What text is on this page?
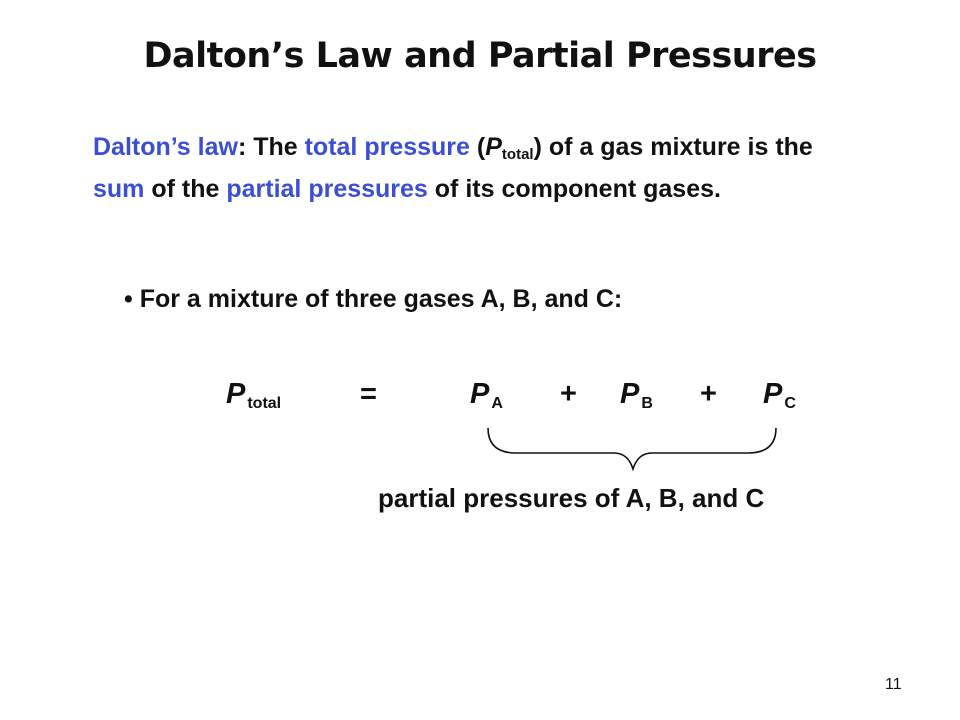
Dalton’s Law and Partial Pressures
Dalton’s law: The total pressure (Ptotal) of a gas mixture is the sum of the partial pressures of its component gases.
• For a mixture of three gases A, B, and C:
Ptotal	=	P A + P B + P C
partial pressures of A, B, and C
11
